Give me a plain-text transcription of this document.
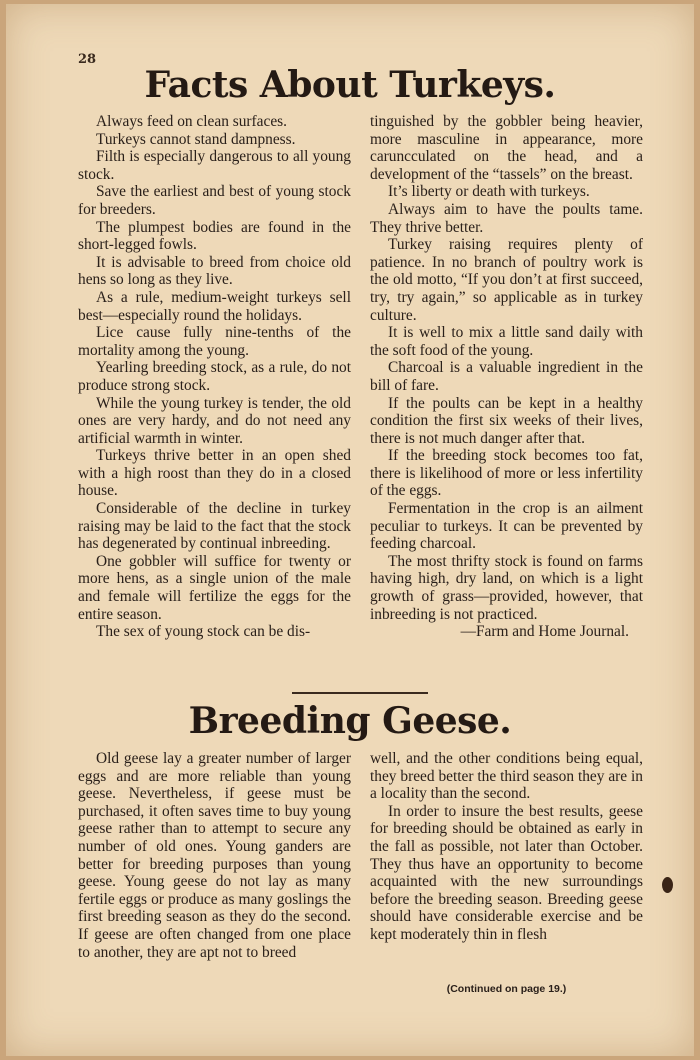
28
Facts About Turkeys.

Always feed on clean surfaces.

Turkeys cannot stand dampness.

Filth is especially dangerous to all young stock.

Save the earliest and best of young stock for breeders.

The plumpest bodies are found in the short-legged fowls.

It is advisable to breed from choice old hens so long as they live.

As a rule, medium-weight turkeys sell best—especially round the holidays.

Lice cause fully nine-tenths of the mortality among the young.

Yearling breeding stock, as a rule, do not produce strong stock.

While the young turkey is tender, the old ones are very hardy, and do not need any artificial warmth in winter.

Turkeys thrive better in an open shed with a high roost than they do in a closed house.

Considerable of the decline in turkey raising may be laid to the fact that the stock has degenerated by continual inbreeding.

One gobbler will suffice for twenty or more hens, as a single union of the male and female will fertilize the eggs for the entire season.

The sex of young stock can be dis-

tinguished by the gobbler being heavier, more masculine in appearance, more caruncculated on the head, and a development of the “tassels” on the breast.

It’s liberty or death with turkeys.

Always aim to have the poults tame. They thrive better.

Turkey raising requires plenty of patience. In no branch of poultry work is the old motto, “If you don’t at first succeed, try, try again,” so applicable as in turkey culture.

It is well to mix a little sand daily with the soft food of the young.

Charcoal is a valuable ingredient in the bill of fare.

If the poults can be kept in a healthy condition the first six weeks of their lives, there is not much danger after that.

If the breeding stock becomes too fat, there is likelihood of more or less infertility of the eggs.

Fermentation in the crop is an ailment peculiar to turkeys. It can be prevented by feeding charcoal.

The most thrifty stock is found on farms having high, dry land, on which is a light growth of grass—provided, however, that inbreeding is not practiced.

—Farm and Home Journal.

Breeding Geese.

Old geese lay a greater number of larger eggs and are more reliable than young geese. Nevertheless, if geese must be purchased, it often saves time to buy young geese rather than to attempt to secure any number of old ones. Young ganders are better for breeding purposes than young geese. Young geese do not lay as many fertile eggs or produce as many goslings the first breeding season as they do the second. If geese are often changed from one place to another, they are apt not to breed

well, and the other conditions being equal, they breed better the third season they are in a locality than the second.

In order to insure the best results, geese for breeding should be obtained as early in the fall as possible, not later than October. They thus have an opportunity to become acquainted with the new surroundings before the breeding season. Breeding geese should have considerable exercise and be kept moderately thin in flesh

(Continued on page 19.)
